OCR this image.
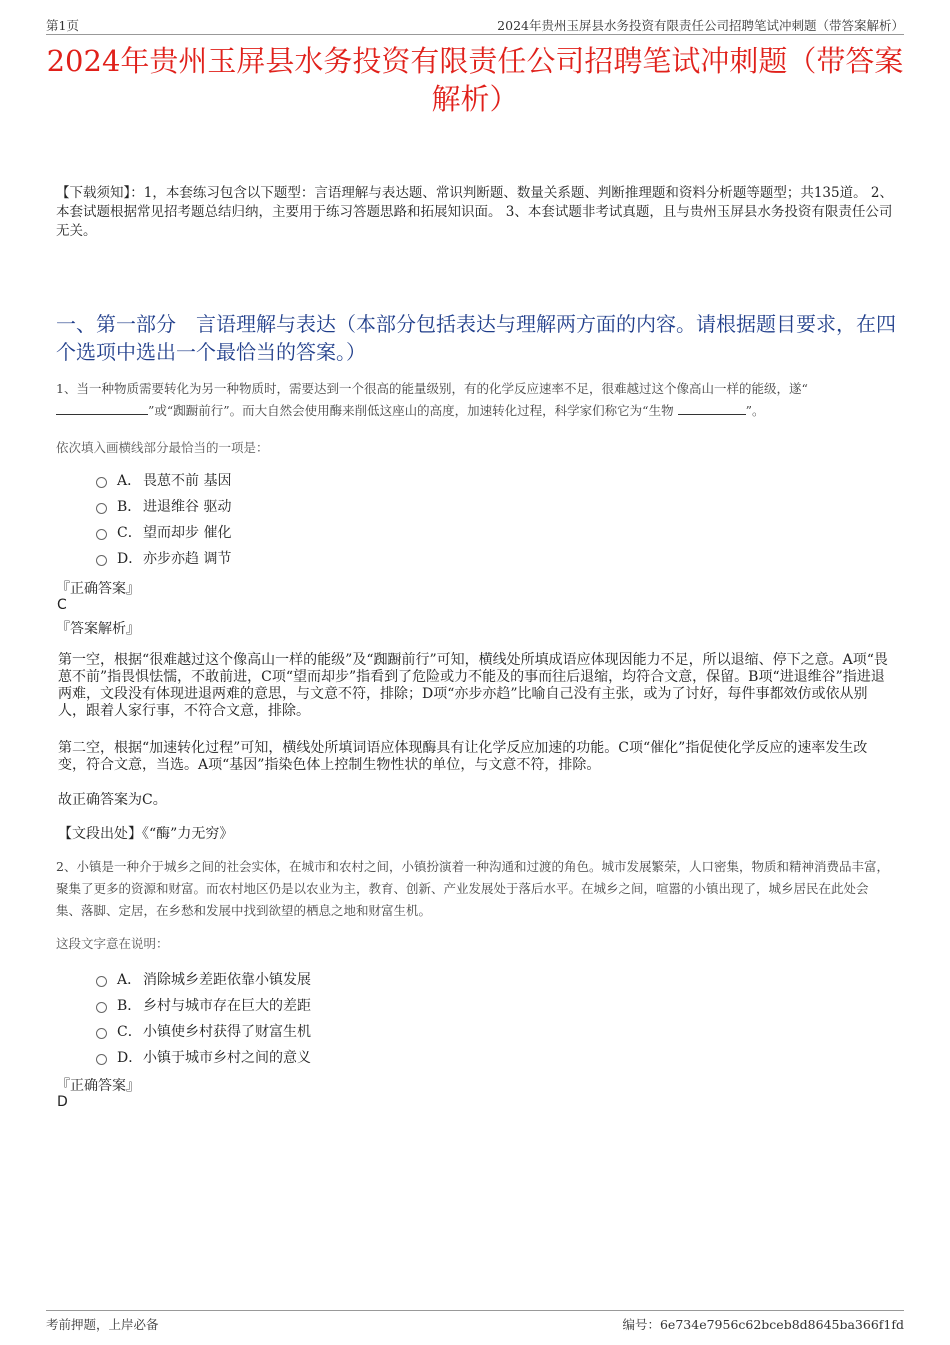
第1页	2024年贵州玉屏县水务投资有限责任公司招聘笔试冲刺题（带答案解析）
2024年贵州玉屏县水务投资有限责任公司招聘笔试冲刺题（带答案解析）
【下载须知】：1，本套练习包含以下题型：言语理解与表达题、常识判断题、数量关系题、判断推理题和资料分析题等题型；共135道。 2、本套试题根据常见招考题总结归纳，主要用于练习答题思路和拓展知识面。 3、本套试题非考试真题，且与贵州玉屏县水务投资有限责任公司无关。
一、第一部分　言语理解与表达（本部分包括表达与理解两方面的内容。请根据题目要求，在四个选项中选出一个最恰当的答案。）
1、当一种物质需要转化为另一种物质时，需要达到一个很高的能量级别，有的化学反应速率不足，很难越过这个像高山一样的能级，遂“
”或“踟蹰前行”。而大自然会使用酶来削低这座山的高度，加速转化过程，科学家们称它为“生物	”。
依次填入画横线部分最恰当的一项是：
A． 畏葸不前 基因
B． 进退维谷 驱动
C． 望而却步 催化
D． 亦步亦趋 调节
『正确答案』
C
『答案解析』
第一空，根据“很难越过这个像高山一样的能级”及“踟蹰前行”可知，横线处所填成语应体现因能力不足，所以退缩、停下之意。A项“畏葸不前”指畏惧怯懦，不敢前进，C项“望而却步”指看到了危险或力不能及的事而往后退缩，均符合文意，保留。B项“进退维谷”指进退两难，文段没有体现进退两难的意思，与文意不符，排除；D项“亦步亦趋”比喻自己没有主张，或为了讨好，每件事都效仿或依从别人，跟着人家行事，不符合文意，排除。
第二空，根据“加速转化过程”可知，横线处所填词语应体现酶具有让化学反应加速的功能。C项“催化”指促使化学反应的速率发生改变，符合文意，当选。A项“基因”指染色体上控制生物性状的单位，与文意不符，排除。
故正确答案为C。
【文段出处】《“酶”力无穷》
2、小镇是一种介于城乡之间的社会实体，在城市和农村之间，小镇扮演着一种沟通和过渡的角色。城市发展繁荣，人口密集，物质和精神消费品丰富，聚集了更多的资源和财富。而农村地区仍是以农业为主，教育、创新、产业发展处于落后水平。在城乡之间，喧嚣的小镇出现了，城乡居民在此处会集、落脚、定居，在乡愁和发展中找到欲望的栖息之地和财富生机。
这段文字意在说明：
A． 消除城乡差距依靠小镇发展
B． 乡村与城市存在巨大的差距
C． 小镇使乡村获得了财富生机
D． 小镇于城市乡村之间的意义
『正确答案』
D
考前押题，上岸必备	编号：6e734e7956c62bceb8d8645ba366f1fd
